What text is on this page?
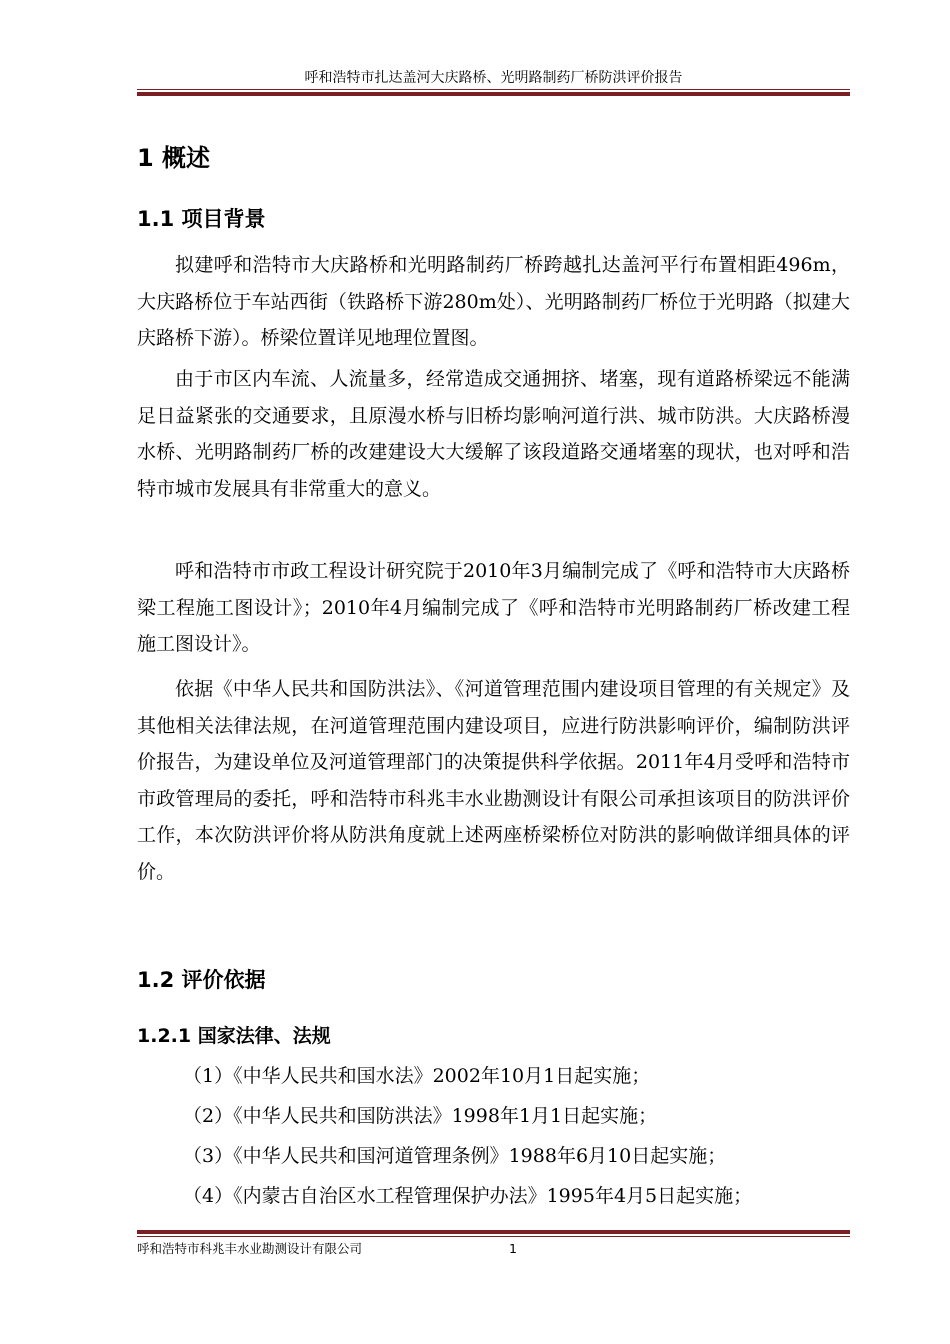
呼和浩特市扎达盖河大庆路桥、光明路制药厂桥防洪评价报告
1 概述
1.1 项目背景

拟建呼和浩特市大庆路桥和光明路制药厂桥跨越扎达盖河平行布置相距496m，大庆路桥位于车站西街（铁路桥下游280m处）、光明路制药厂桥位于光明路（拟建大庆路桥下游）。桥梁位置详见地理位置图。

由于市区内车流、人流量多，经常造成交通拥挤、堵塞，现有道路桥梁远不能满足日益紧张的交通要求，且原漫水桥与旧桥均影响河道行洪、城市防洪。大庆路桥漫水桥、光明路制药厂桥的改建建设大大缓解了该段道路交通堵塞的现状，也对呼和浩特市城市发展具有非常重大的意义。

呼和浩特市市政工程设计研究院于2010年3月编制完成了《呼和浩特市大庆路桥梁工程施工图设计》；2010年4月编制完成了《呼和浩特市光明路制药厂桥改建工程施工图设计》。

依据《中华人民共和国防洪法》、《河道管理范围内建设项目管理的有关规定》及其他相关法律法规，在河道管理范围内建设项目，应进行防洪影响评价，编制防洪评价报告，为建设单位及河道管理部门的决策提供科学依据。2011年4月受呼和浩特市市政管理局的委托，呼和浩特市科兆丰水业勘测设计有限公司承担该项目的防洪评价工作，本次防洪评价将从防洪角度就上述两座桥梁桥位对防洪的影响做详细具体的评价。

1.2 评价依据
1.2.1 国家法律、法规
（1）《中华人民共和国水法》2002年10月1日起实施；
（2）《中华人民共和国防洪法》1998年1月1日起实施；
（3）《中华人民共和国河道管理条例》1988年6月10日起实施；
（4）《内蒙古自治区水工程管理保护办法》1995年4月5日起实施；
呼和浩特市科兆丰水业勘测设计有限公司	1
